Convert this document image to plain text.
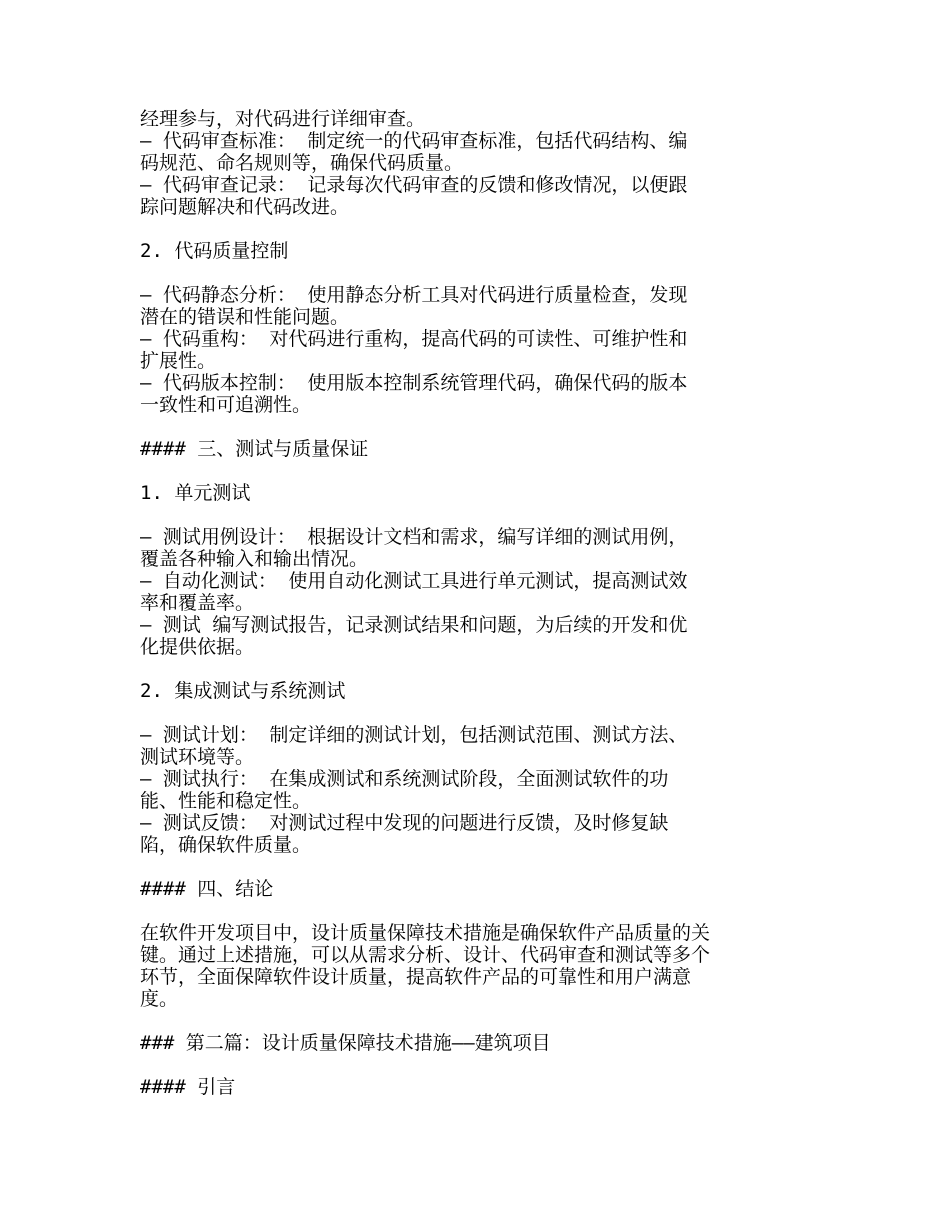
经理参与，对代码进行详细审查。
– 代码审查标准： 制定统一的代码审查标准，包括代码结构、编
码规范、命名规则等，确保代码质量。
– 代码审查记录： 记录每次代码审查的反馈和修改情况，以便跟
踪问题解决和代码改进。
2. 代码质量控制
– 代码静态分析： 使用静态分析工具对代码进行质量检查，发现
潜在的错误和性能问题。
– 代码重构： 对代码进行重构，提高代码的可读性、可维护性和
扩展性。
– 代码版本控制： 使用版本控制系统管理代码，确保代码的版本
一致性和可追溯性。
#### 三、测试与质量保证
1. 单元测试
– 测试用例设计： 根据设计文档和需求，编写详细的测试用例，
覆盖各种输入和输出情况。
– 自动化测试： 使用自动化测试工具进行单元测试，提高测试效
率和覆盖率。
– 测试 编写测试报告，记录测试结果和问题，为后续的开发和优
化提供依据。
2. 集成测试与系统测试
– 测试计划： 制定详细的测试计划，包括测试范围、测试方法、
测试环境等。
– 测试执行： 在集成测试和系统测试阶段，全面测试软件的功
能、性能和稳定性。
– 测试反馈： 对测试过程中发现的问题进行反馈，及时修复缺
陷，确保软件质量。
#### 四、结论
在软件开发项目中，设计质量保障技术措施是确保软件产品质量的关
键。通过上述措施，可以从需求分析、设计、代码审查和测试等多个
环节，全面保障软件设计质量，提高软件产品的可靠性和用户满意
度。
### 第二篇：设计质量保障技术措施——建筑项目
#### 引言
